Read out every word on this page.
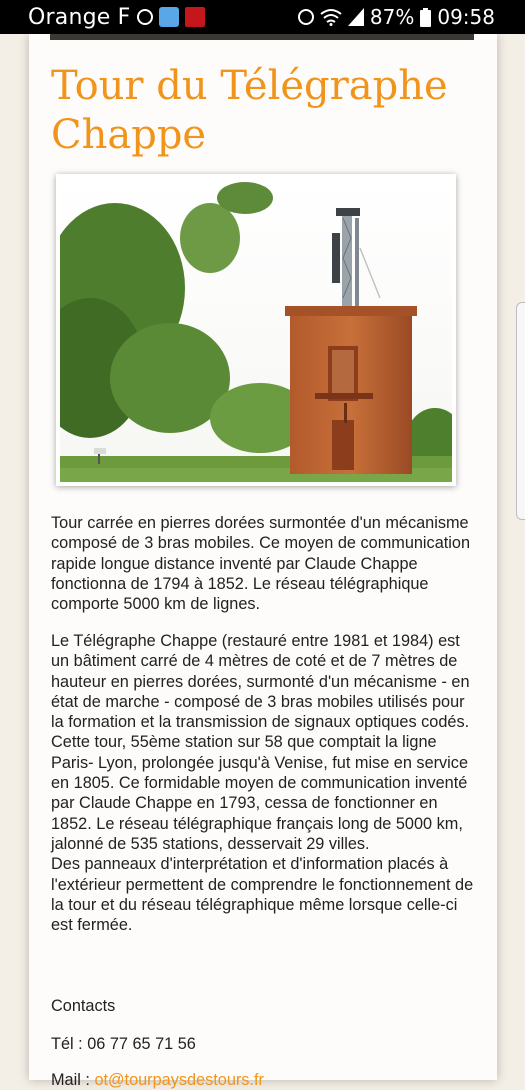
Orange F	87% 09:58
Tour du Télégraphe Chappe
Tour carrée en pierres dorées surmontée d'un mécanisme composé de 3 bras mobiles. Ce moyen de communication rapide longue distance inventé par Claude Chappe fonctionna de 1794 à 1852. Le réseau télégraphique comporte 5000 km de lignes.
Le Télégraphe Chappe (restauré entre 1981 et 1984) est un bâtiment carré de 4 mètres de coté et de 7 mètres de hauteur en pierres dorées, surmonté d'un mécanisme - en état de marche - composé de 3 bras mobiles utilisés pour la formation et la transmission de signaux optiques codés. Cette tour, 55ème station sur 58 que comptait la ligne Paris- Lyon, prolongée jusqu'à Venise, fut mise en service en 1805. Ce formidable moyen de communication inventé par Claude Chappe en 1793, cessa de fonctionner en 1852. Le réseau télégraphique français long de 5000 km, jalonné de 535 stations, desservait 29 villes.
Des panneaux d'interprétation et d'information placés à l'extérieur permettent de comprendre le fonctionnement de la tour et du réseau télégraphique même lorsque celle-ci est fermée.
Contacts
Tél : 06 77 65 71 56
Mail : ot@tourpaysdestours.fr
